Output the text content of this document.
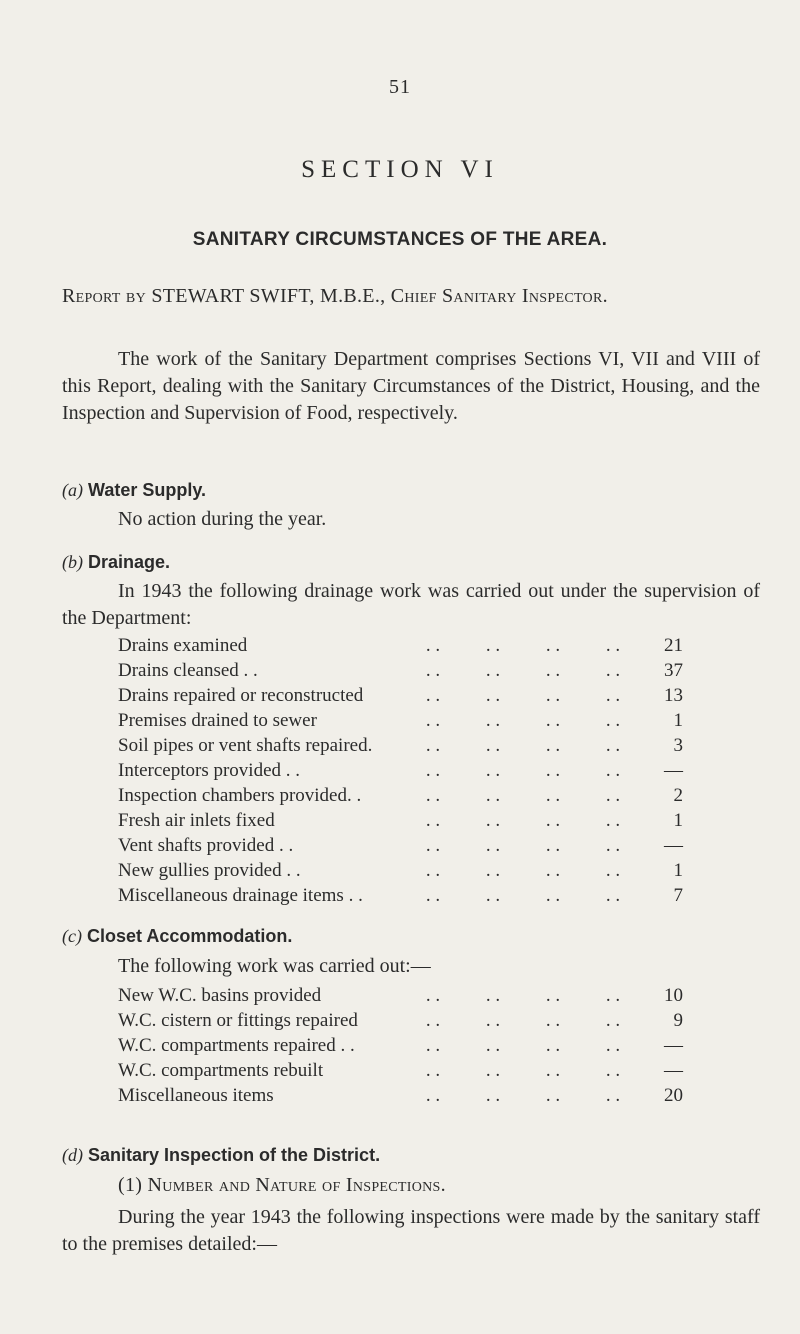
51
SECTION VI
SANITARY CIRCUMSTANCES OF THE AREA.
Report by STEWART SWIFT, M.B.E., Chief Sanitary Inspector.

The work of the Sanitary Department comprises Sections VI, VII and VIII of this Report, dealing with the Sanitary Circumstances of the District, Housing, and the Inspection and Supervision of Food, respectively.

(a) Water Supply.
No action during the year.
(b) Drainage.
In 1943 the following drainage work was carried out under the supervision of the Department:
Drains examined	. . . . . . . .	21
Drains cleansed . .	. . . . . . . .	37
Drains repaired or reconstructed	. . . . . . . .	13
Premises drained to sewer	. . . . . . . .	1
Soil pipes or vent shafts repaired.	. . . . . . . .	3
Interceptors provided . .	. . . . . . . .	—
Inspection chambers provided. .	. . . . . . . .	2
Fresh air inlets fixed	. . . . . . . .	1
Vent shafts provided . .	. . . . . . . .	—
New gullies provided . .	. . . . . . . .	1
Miscellaneous drainage items . .	. . . . . . . .	7
(c) Closet Accommodation.
The following work was carried out:—
New W.C. basins provided	. . . . . . . .	10
W.C. cistern or fittings repaired	. . . . . . . .	9
W.C. compartments repaired . .	. . . . . . . .	—
W.C. compartments rebuilt	. . . . . . . .	—
Miscellaneous items	. . . . . . . .	20
(d) Sanitary Inspection of the District.
(1) Number and Nature of Inspections.
During the year 1943 the following inspections were made by the sanitary staff to the premises detailed:—
